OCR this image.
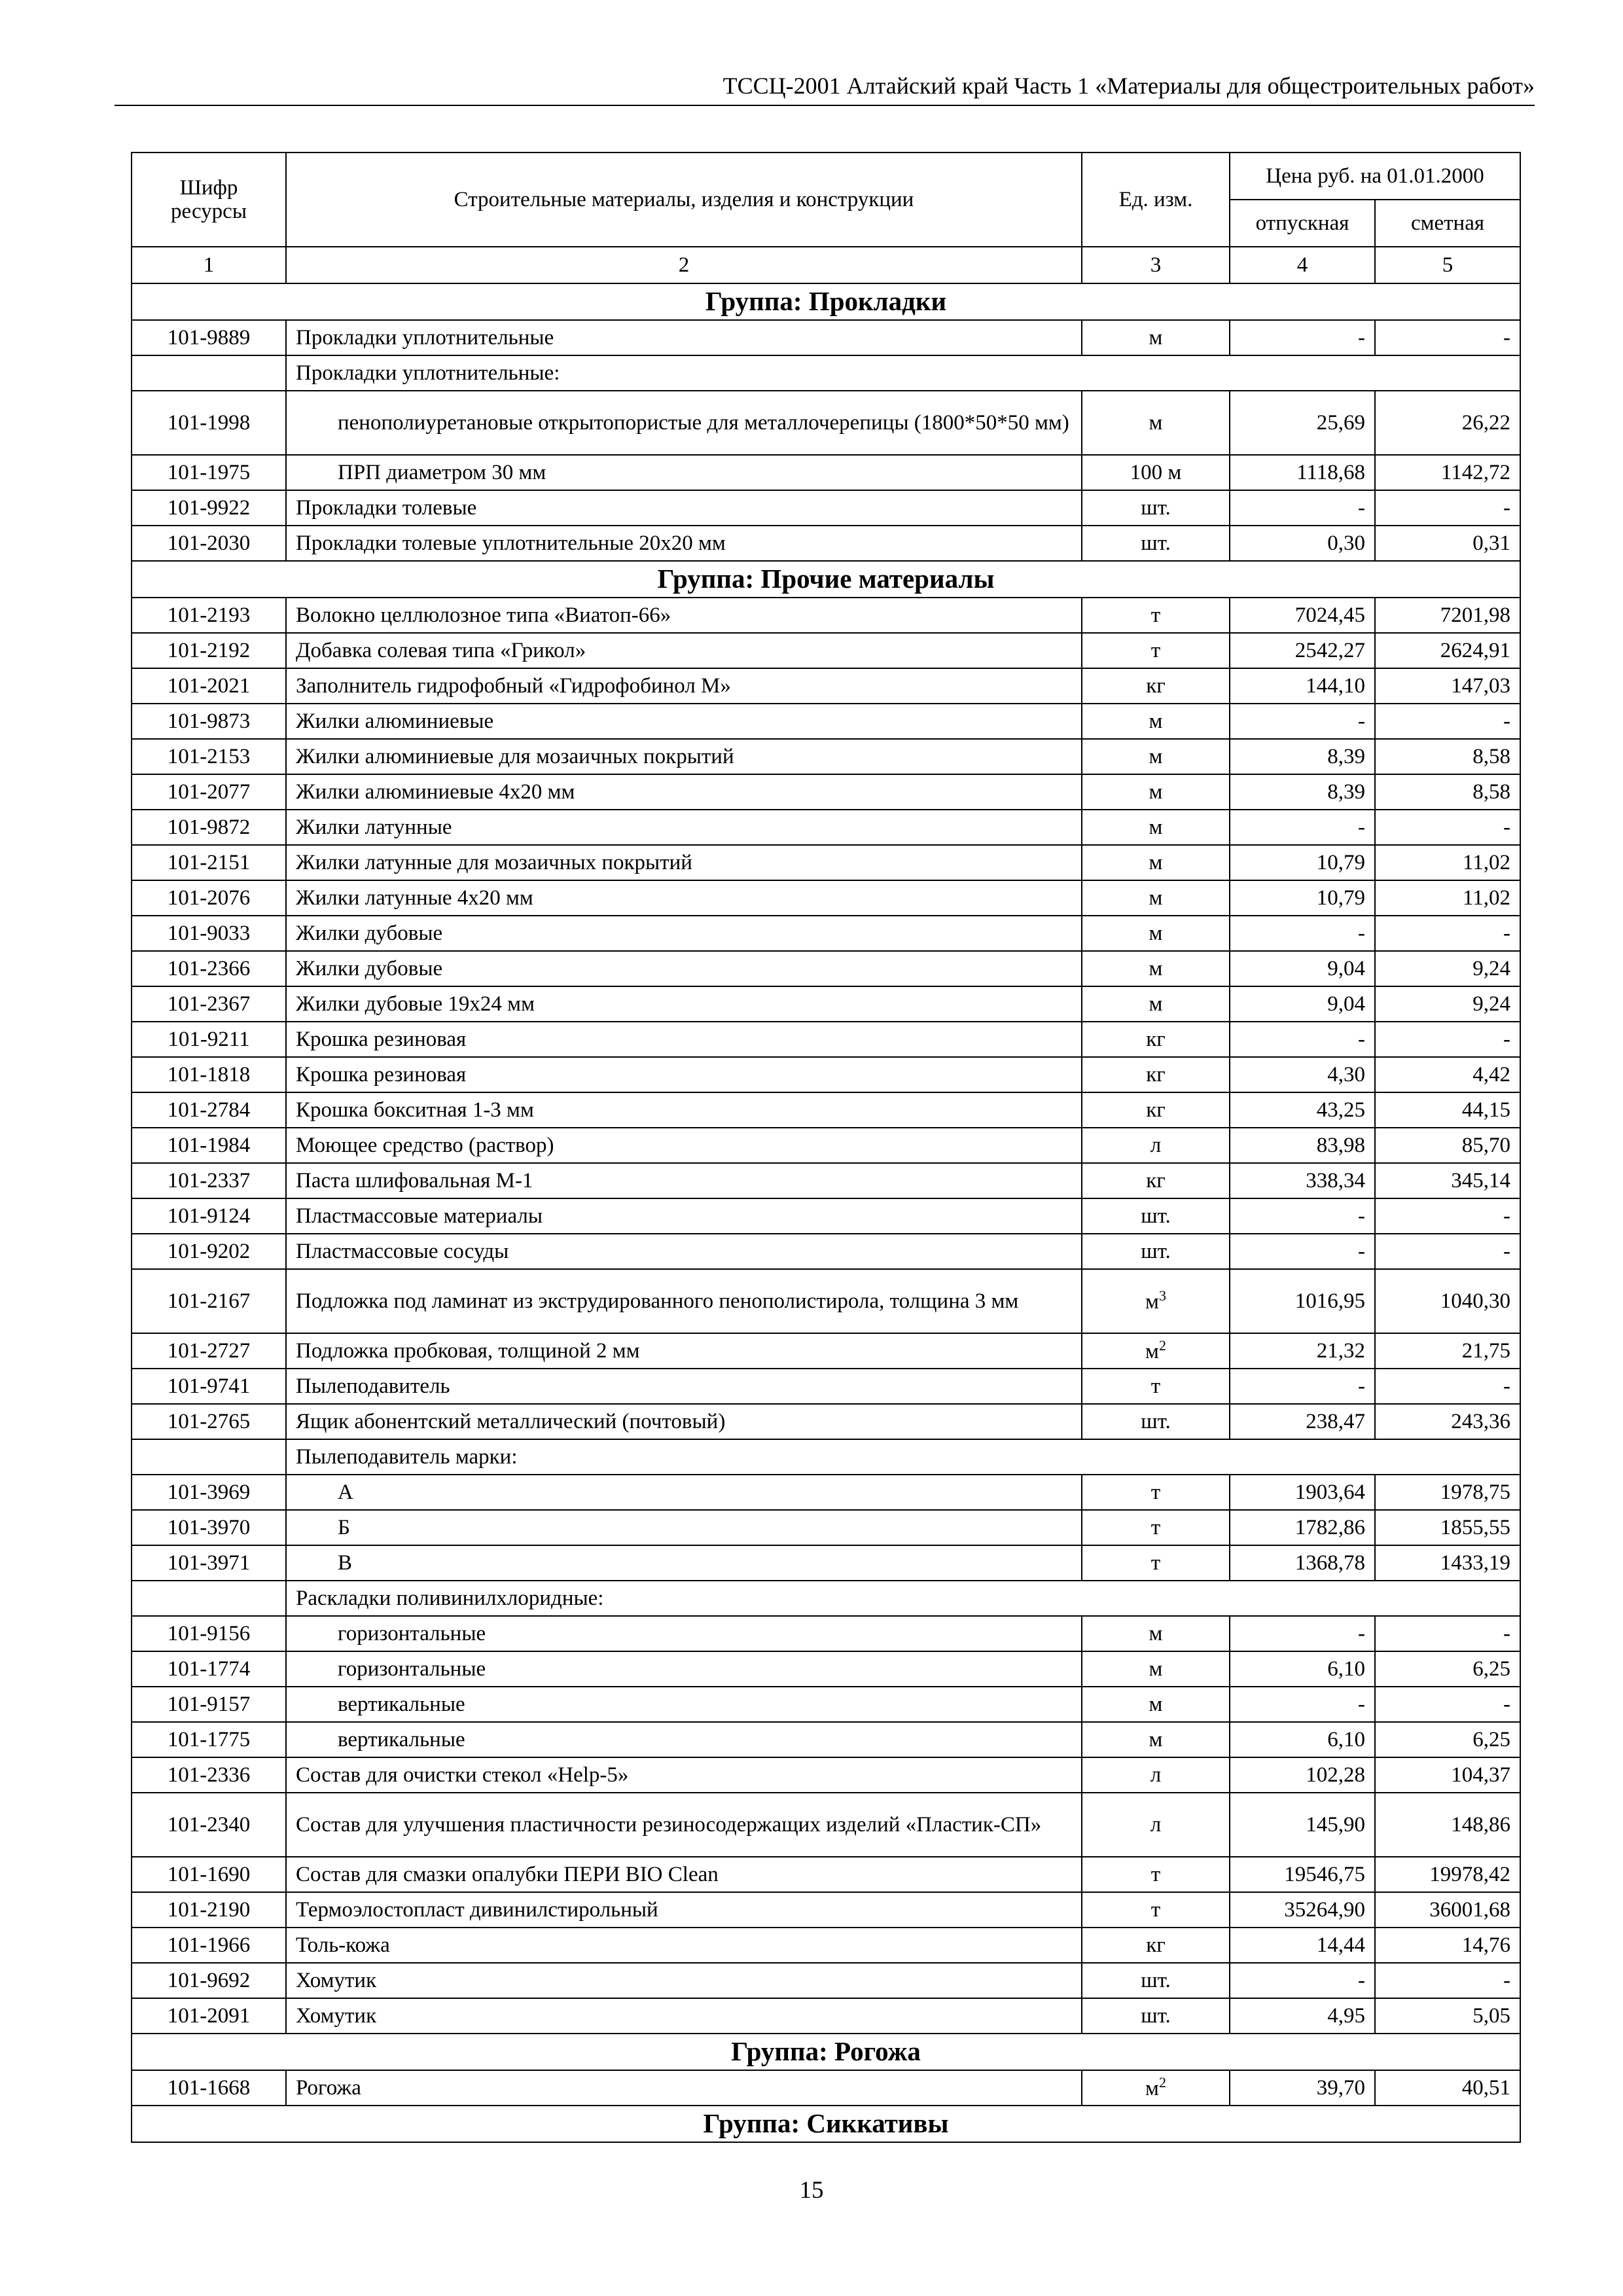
ТССЦ-2001 Алтайский край Часть 1 «Материалы для общестроительных работ»
Шифр ресурсы	Строительные материалы, изделия и конструкции	Ед. изм.	Цена руб. на 01.01.2000	
			отпускная	сметная
1	2	3	4	5
Группа: Прокладки				
101-9889	Прокладки уплотнительные	м	-	-
	Прокладки уплотнительные:			
101-1998	пенополиуретановые открытопористые для металлочерепицы (1800*50*50 мм)	м	25,69	26,22
101-1975	ПРП диаметром 30 мм	100 м	1118,68	1142,72
101-9922	Прокладки толевые	шт.	-	-
101-2030	Прокладки толевые уплотнительные 20х20 мм	шт.	0,30	0,31
Группа: Прочие материалы				
101-2193	Волокно целлюлозное типа «Виатоп-66»	т	7024,45	7201,98
101-2192	Добавка солевая типа «Грикол»	т	2542,27	2624,91
101-2021	Заполнитель гидрофобный «Гидрофобинол М»	кг	144,10	147,03
101-9873	Жилки алюминиевые	м	-	-
101-2153	Жилки алюминиевые для мозаичных покрытий	м	8,39	8,58
101-2077	Жилки алюминиевые 4х20 мм	м	8,39	8,58
101-9872	Жилки латунные	м	-	-
101-2151	Жилки латунные для мозаичных покрытий	м	10,79	11,02
101-2076	Жилки латунные 4х20 мм	м	10,79	11,02
101-9033	Жилки дубовые	м	-	-
101-2366	Жилки дубовые	м	9,04	9,24
101-2367	Жилки дубовые 19х24 мм	м	9,04	9,24
101-9211	Крошка резиновая	кг	-	-
101-1818	Крошка резиновая	кг	4,30	4,42
101-2784	Крошка бокситная 1-3 мм	кг	43,25	44,15
101-1984	Моющее средство (раствор)	л	83,98	85,70
101-2337	Паста шлифовальная М-1	кг	338,34	345,14
101-9124	Пластмассовые материалы	шт.	-	-
101-9202	Пластмассовые сосуды	шт.	-	-
101-2167	Подложка под ламинат из экструдированного пенополистирола, толщина 3 мм	$м^3$	1016,95	1040,30
101-2727	Подложка пробковая, толщиной 2 мм	$м^2$	21,32	21,75
101-9741	Пылеподавитель	т	-	-
101-2765	Ящик абонентский металлический (почтовый)	шт.	238,47	243,36
	Пылеподавитель марки:			
101-3969	А	т	1903,64	1978,75
101-3970	Б	т	1782,86	1855,55
101-3971	В	т	1368,78	1433,19
	Раскладки поливинилхлоридные:			
101-9156	горизонтальные	м	-	-
101-1774	горизонтальные	м	6,10	6,25
101-9157	вертикальные	м	-	-
101-1775	вертикальные	м	6,10	6,25
101-2336	Состав для очистки стекол «Help-5»	л	102,28	104,37
101-2340	Состав для улучшения пластичности резиносодержащих изделий «Пластик-СП»	л	145,90	148,86
101-1690	Состав для смазки опалубки ПЕРИ BIO Clean	т	19546,75	19978,42
101-2190	Термоэлостопласт дивинилстирольный	т	35264,90	36001,68
101-1966	Толь-кожа	кг	14,44	14,76
101-9692	Хомутик	шт.	-	-
101-2091	Хомутик	шт.	4,95	5,05
Группа: Рогожа				
101-1668	Рогожа	$м^2$	39,70	40,51
Группа: Сиккативы				
15
